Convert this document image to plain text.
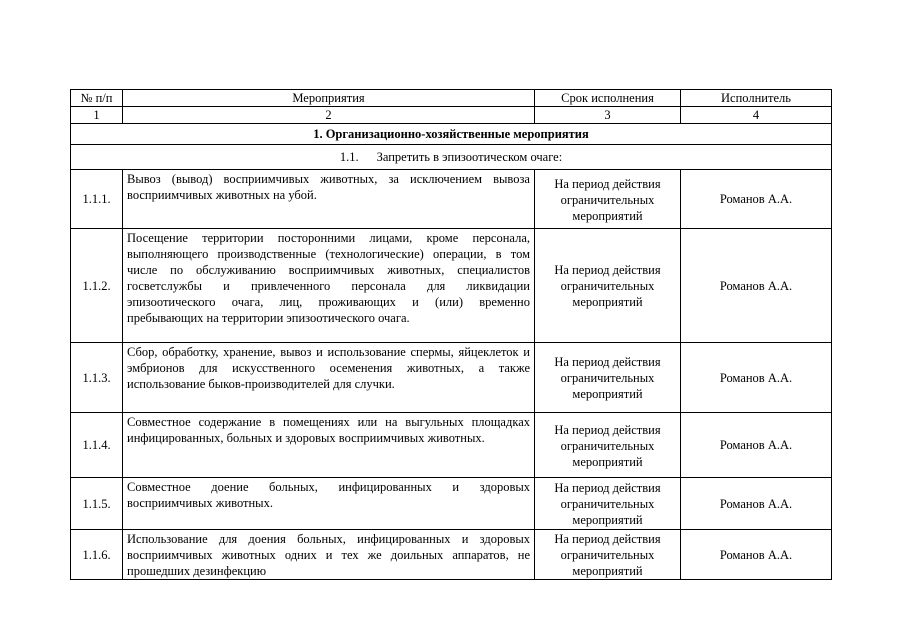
№ п/п	Мероприятия	Срок исполнения	Исполнитель
1	2	3	4
1. Организационно-хозяйственные мероприятия			
1.1. Запретить в эпизоотическом очаге:			
1.1.1.	Вывоз (вывод) восприимчивых животных, за исключением вывоза восприимчивых животных на убой.	На период действия ограничительных мероприятий	Романов А.А.
1.1.2.	Посещение территории посторонними лицами, кроме персонала, выполняющего производственные (технологические) операции, в том числе по обслуживанию восприимчивых животных, специалистов госветслужбы и привлеченного персонала для ликвидации эпизоотического очага, лиц, проживающих и (или) временно пребывающих на территории эпизоотического очага.	На период действия ограничительных мероприятий	Романов А.А.
1.1.3.	Сбор, обработку, хранение, вывоз и использование спермы, яйцеклеток и эмбрионов для искусственного осеменения животных, а также использование быков-производителей для случки.	На период действия ограничительных мероприятий	Романов А.А.
1.1.4.	Совместное содержание в помещениях или на выгульных площадках инфицированных, больных и здоровых восприимчивых животных.	На период действия ограничительных мероприятий	Романов А.А.
1.1.5.	Совместное доение больных, инфицированных и здоровых восприимчивых животных.	На период действия ограничительных мероприятий	Романов А.А.
1.1.6.	Использование для доения больных, инфицированных и здоровых восприимчивых животных одних и тех же доильных аппаратов, не прошедших дезинфекцию	На период действия ограничительных мероприятий	Романов А.А.
